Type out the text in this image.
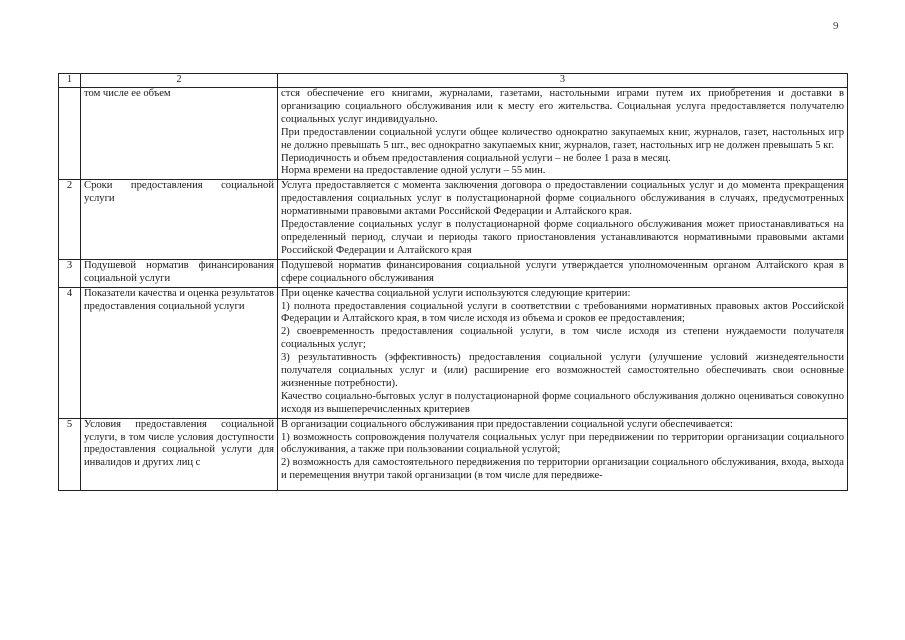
9
1	2	3
	том числе ее объем	стся обеспечение его книгами, журналами, газетами, настольными играми путем их приобретения и доставки в организацию социального обслуживания или к месту его жительства. Социальная услуга предоставляется получателю социальных услуг индивидуально.

При предоставлении социальной услуги общее количество однократно закупаемых книг, журналов, газет, настольных игр не должно превышать 5 шт., вес однократно закупаемых книг, журналов, газет, настольных игр не должен превышать 5 кг.

Периодичность и объем предоставления социальной услуги – не более 1 раза в месяц.

Норма времени на предоставление одной услуги – 55 мин.

2	Сроки предоставления социальной услуги	Услуга предоставляется с момента заключения договора о предоставлении социальных услуг и до момента прекращения предоставления социальных услуг в полустационарной форме социального обслуживания в случаях, предусмотренных нормативными правовыми актами Российской Федерации и Алтайского края.

Предоставление социальных услуг в полустационарной форме социального обслуживания может приостанавливаться на определенный период, случаи и периоды такого приостановления устанавливаются нормативными правовыми актами Российской Федерации и Алтайского края

3	Подушевой норматив финансирования социальной услуги	Подушевой норматив финансирования социальной услуги утверждается уполномоченным органом Алтайского края в сфере социального обслуживания

4	Показатели качества и оценка результатов предоставления социальной услуги	При оценке качества социальной услуги используются следующие критерии:

1) полнота предоставления социальной услуги в соответствии с требованиями нормативных правовых актов Российской Федерации и Алтайского края, в том числе исходя из объема и сроков ее предоставления;

2) своевременность предоставления социальной услуги, в том числе исходя из степени нуждаемости получателя социальных услуг;

3) результативность (эффективность) предоставления социальной услуги (улучшение условий жизнедеятельности получателя социальных услуг и (или) расширение его возможностей самостоятельно обеспечивать свои основные жизненные потребности).

Качество социально-бытовых услуг в полустационарной форме социального обслуживания должно оцениваться совокупно исходя из вышеперечисленных критериев

5	Условия предоставления социальной услуги, в том числе условия доступности предоставления социальной услуги для инвалидов и других лиц с	В организации социального обслуживания при предоставлении социальной услуги обеспечивается:

1) возможность сопровождения получателя социальных услуг при передвижении по территории организации социального обслуживания, а также при пользовании социальной услугой;

2) возможность для самостоятельного передвижения по территории организации социального обслуживания, входа, выхода и перемещения внутри такой организации (в том числе для передвиже-
